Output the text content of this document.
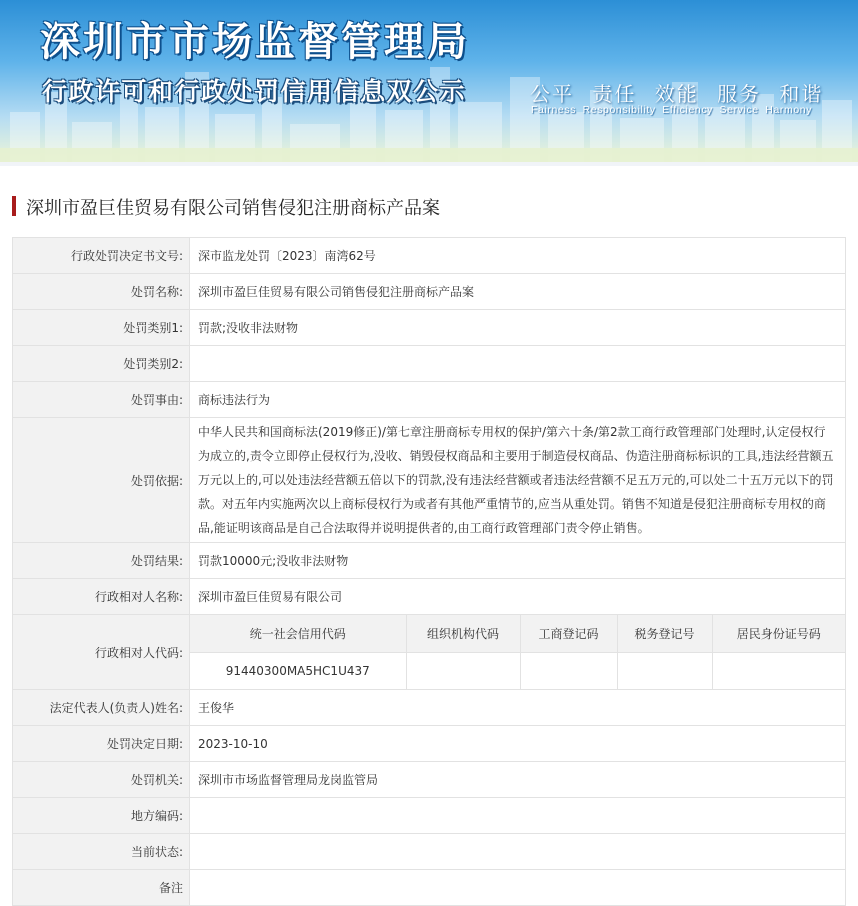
深圳市市场监督管理局
行政许可和行政处罚信用信息双公示	公平 责任 效能 服务 和谐
Fairness Responsibility Efficiency Service Harmony
深圳市盈巨佳贸易有限公司销售侵犯注册商标产品案
行政处罚决定书文号:	深市监龙处罚〔2023〕南湾62号
处罚名称:	深圳市盈巨佳贸易有限公司销售侵犯注册商标产品案
处罚类别1:	罚款;没收非法财物
处罚类别2:	
处罚事由:	商标违法行为
处罚依据:	中华人民共和国商标法(2019修正)/第七章注册商标专用权的保护/第六十条/第2款工商行政管理部门处理时,认定侵权行为成立的,责令立即停止侵权行为,没收、销毁侵权商品和主要用于制造侵权商品、伪造注册商标标识的工具,违法经营额五万元以上的,可以处违法经营额五倍以下的罚款,没有违法经营额或者违法经营额不足五万元的,可以处二十五万元以下的罚款。对五年内实施两次以上商标侵权行为或者有其他严重情节的,应当从重处罚。销售不知道是侵犯注册商标专用权的商品,能证明该商品是自己合法取得并说明提供者的,由工商行政管理部门责令停止销售。
处罚结果:	罚款10000元;没收非法财物
行政相对人名称:	深圳市盈巨佳贸易有限公司
行政相对人代码:	
统一社会信用代码	组织机构代码	工商登记码	税务登记号	居民身份证号码
91440300MA5HC1U437				

法定代表人(负责人)姓名:	王俊华
处罚决定日期:	2023-10-10
处罚机关:	深圳市市场监督管理局龙岗监管局
地方编码:	
当前状态:	
备注	
